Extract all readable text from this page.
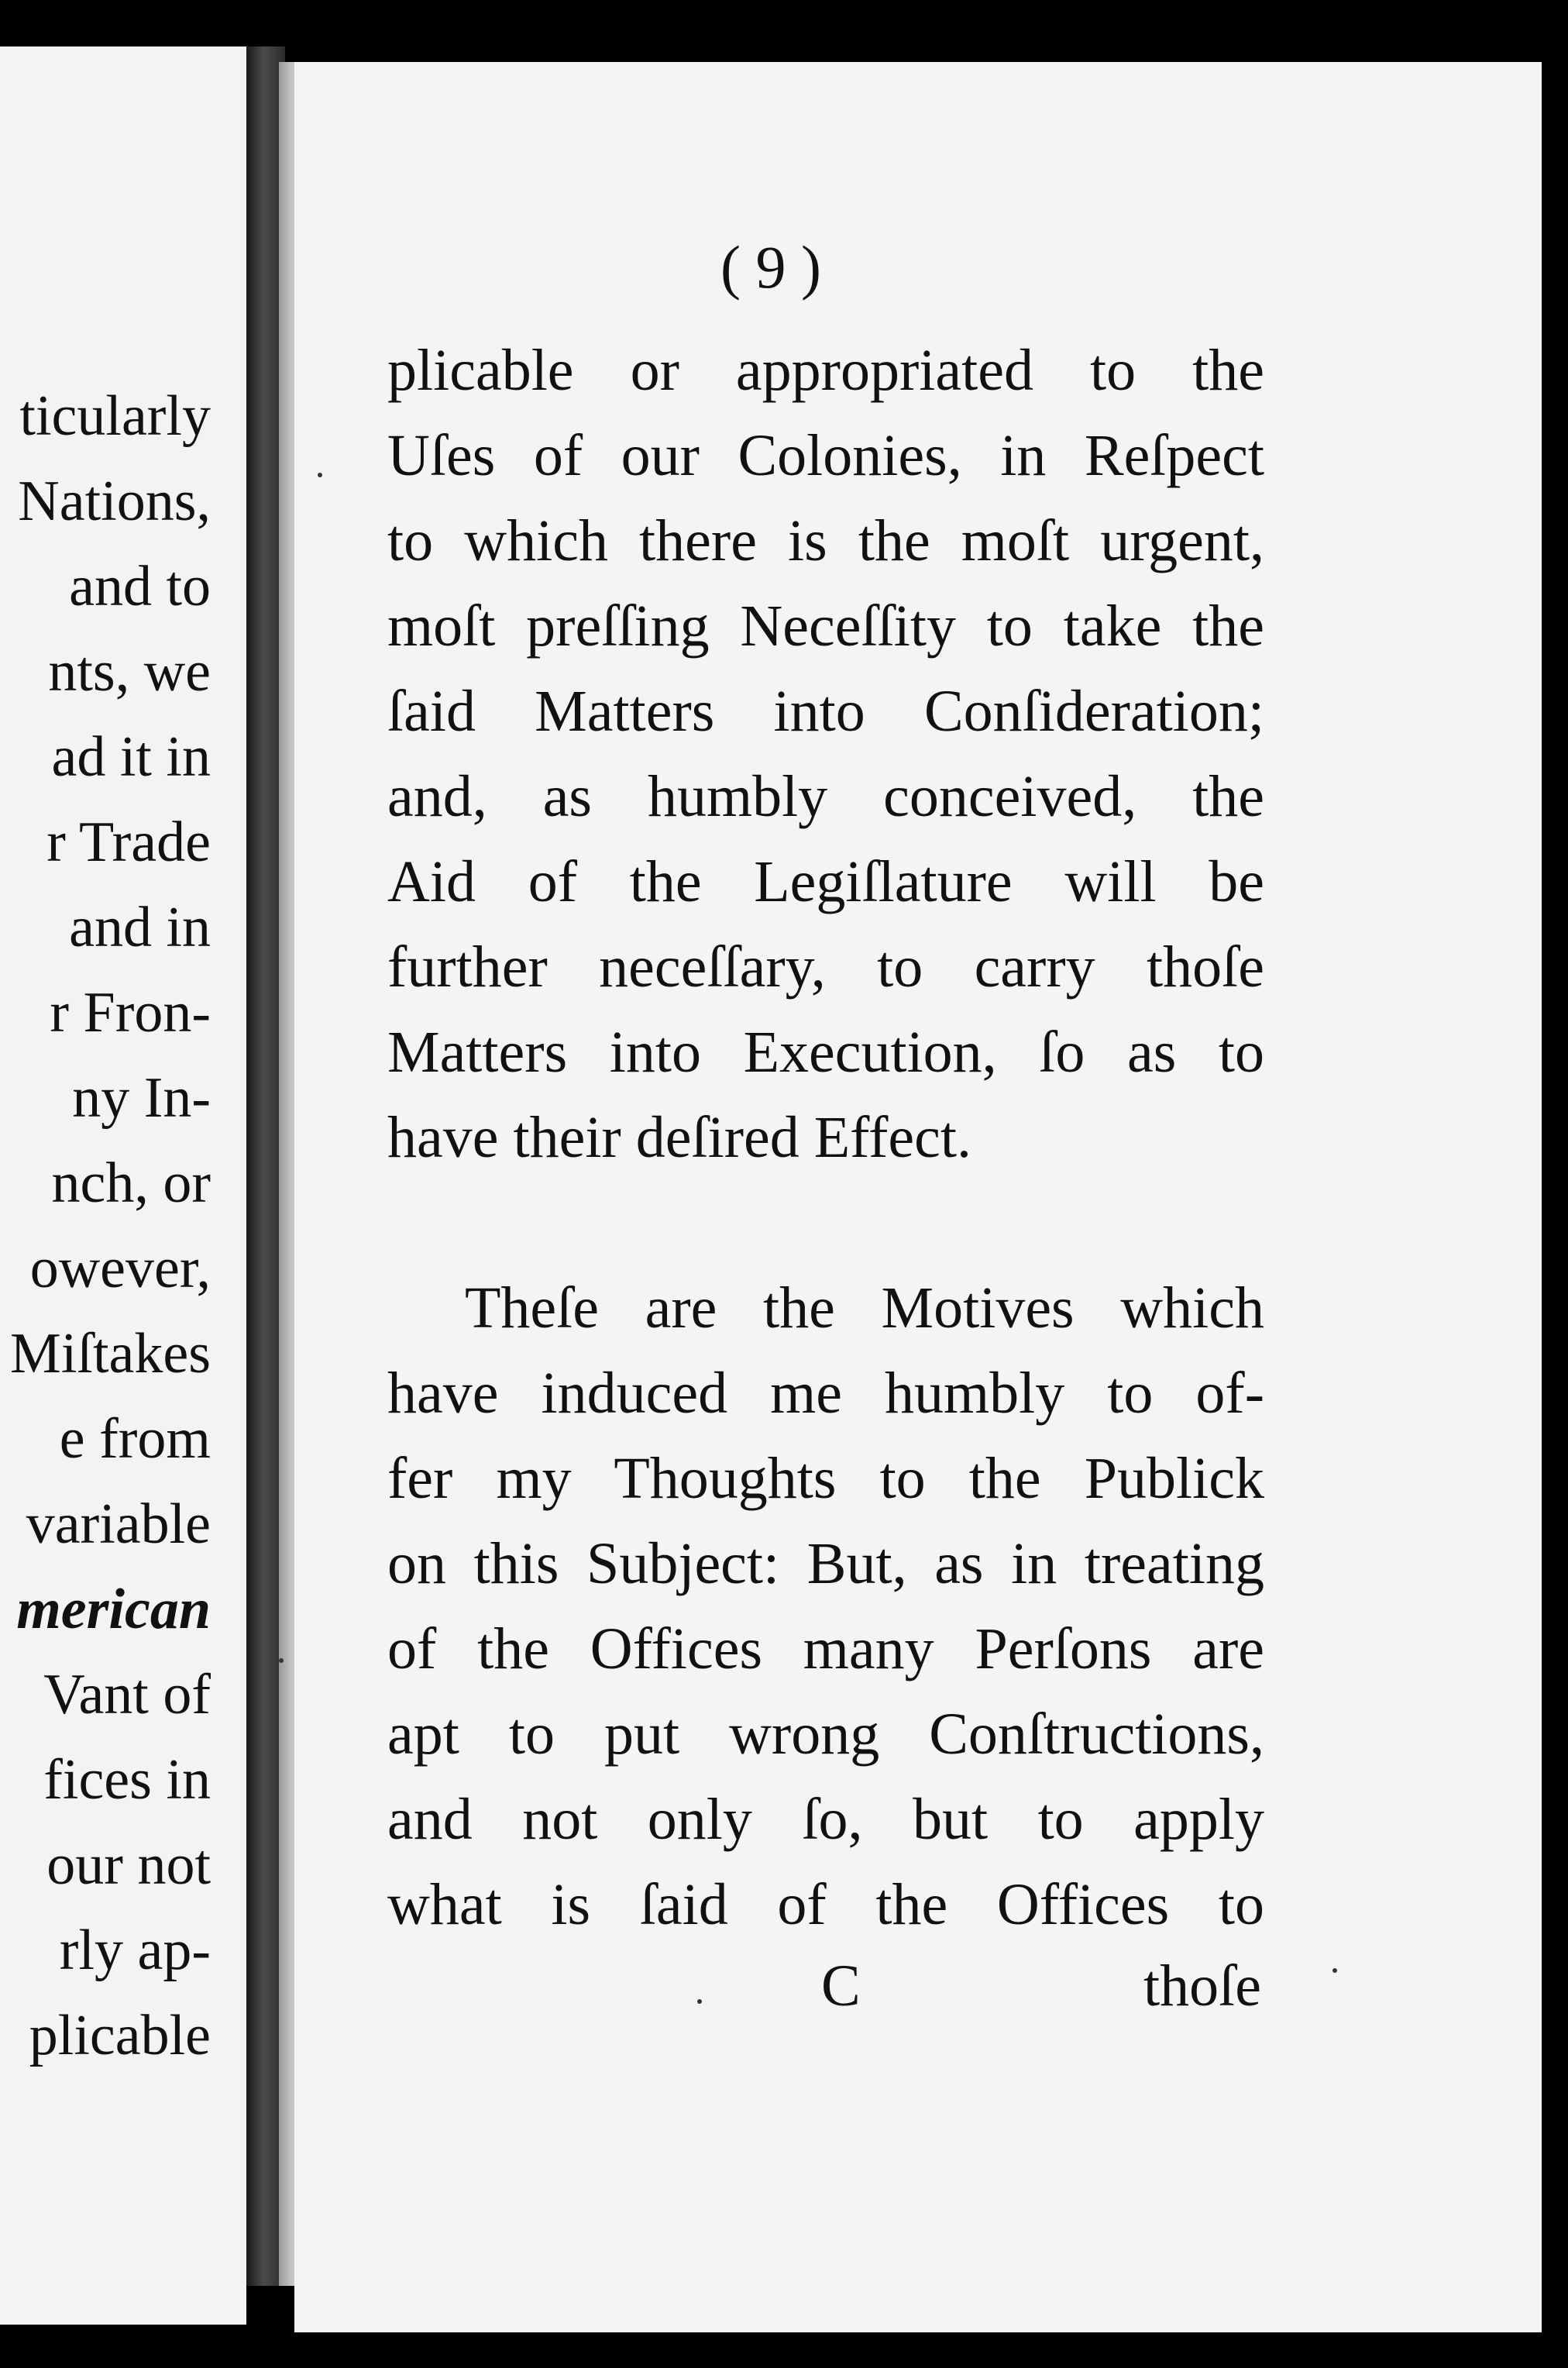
ticularly

Nations,

and to

nts, we

ad it in

r Trade

and in

r Fron-

ny In-

nch, or

owever,

Miſtakes

e from

variable

merican

Vant of

fices in

our not

rly ap-

plicable

( 9 )

plicable or appropriated to the

Uſes of our Colonies, in Reſpect

to which there is the moſt urgent,

moſt preſſing Neceſſity to take the

ſaid Matters into Conſideration;

and, as humbly conceived, the

Aid of the Legiſlature will be

further neceſſary, to carry thoſe

Matters into Execution, ſo as to

have their deſired Effect.

Theſe are the Motives which

have induced me humbly to of-

fer my Thoughts to the Publick

on this Subject: But, as in treating

of the Offices many Perſons are

apt to put wrong Conſtructions,

and not only ſo, but to apply

what is ſaid of the Offices to

C	thoſe
